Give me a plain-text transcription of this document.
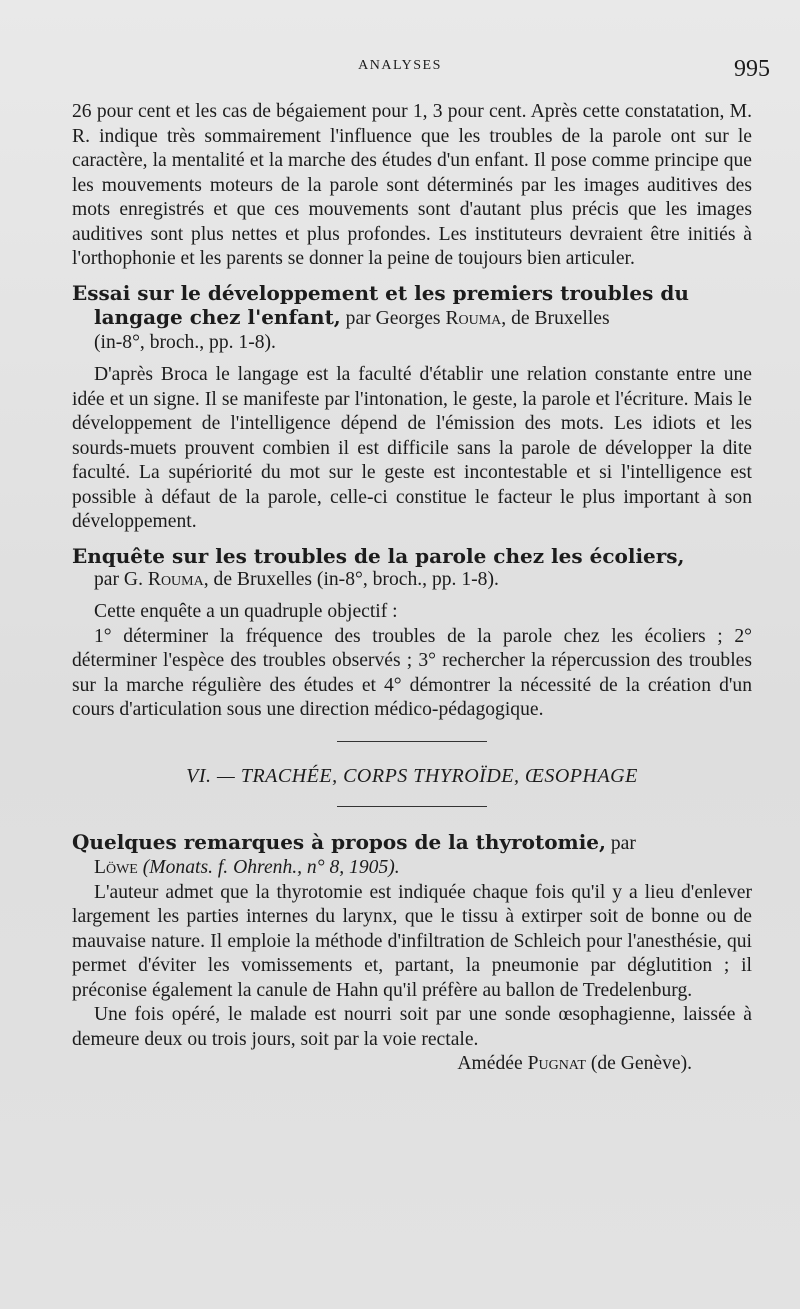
ANALYSES	995

26 pour cent et les cas de bégaiement pour 1, 3 pour cent. Après cette constatation, M. R. indique très sommairement l'influence que les troubles de la parole ont sur le caractère, la mentalité et la marche des études d'un enfant. Il pose comme principe que les mouvements moteurs de la parole sont déterminés par les images auditives des mots enregistrés et que ces mouvements sont d'autant plus précis que les images auditives sont plus nettes et plus profondes. Les instituteurs devraient être initiés à l'orthophonie et les parents se donner la peine de toujours bien articuler.

Essai sur le développement et les premiers troubles du
langage chez l'enfant, par Georges Rouma, de Bruxelles

(in-8°, broch., pp. 1-8).

D'après Broca le langage est la faculté d'établir une relation constante entre une idée et un signe. Il se manifeste par l'intonation, le geste, la parole et l'écriture. Mais le développement de l'intelligence dépend de l'émission des mots. Les idiots et les sourds-muets prouvent combien il est difficile sans la parole de développer la dite faculté. La supériorité du mot sur le geste est incontestable et si l'intelligence est possible à défaut de la parole, celle-ci constitue le facteur le plus important à son développement.

Enquête sur les troubles de la parole chez les écoliers,

par G. Rouma, de Bruxelles (in-8°, broch., pp. 1-8).

Cette enquête a un quadruple objectif :

1° déterminer la fréquence des troubles de la parole chez les écoliers ; 2° déterminer l'espèce des troubles observés ; 3° rechercher la répercussion des troubles sur la marche régulière des études et 4° démontrer la nécessité de la création d'un cours d'articulation sous une direction médico-pédagogique.

VI. — TRACHÉE, CORPS THYROÏDE, ŒSOPHAGE
Quelques remarques à propos de la thyrotomie, par

Löwe (Monats. f. Ohrenh., n° 8, 1905).

L'auteur admet que la thyrotomie est indiquée chaque fois qu'il y a lieu d'enlever largement les parties internes du larynx, que le tissu à extirper soit de bonne ou de mauvaise nature. Il emploie la méthode d'infiltration de Schleich pour l'anesthésie, qui permet d'éviter les vomissements et, partant, la pneumonie par déglutition ; il préconise également la canule de Hahn qu'il préfère au ballon de Tredelenburg.

Une fois opéré, le malade est nourri soit par une sonde œsophagienne, laissée à demeure deux ou trois jours, soit par la voie rectale.

Amédée Pugnat (de Genève).
